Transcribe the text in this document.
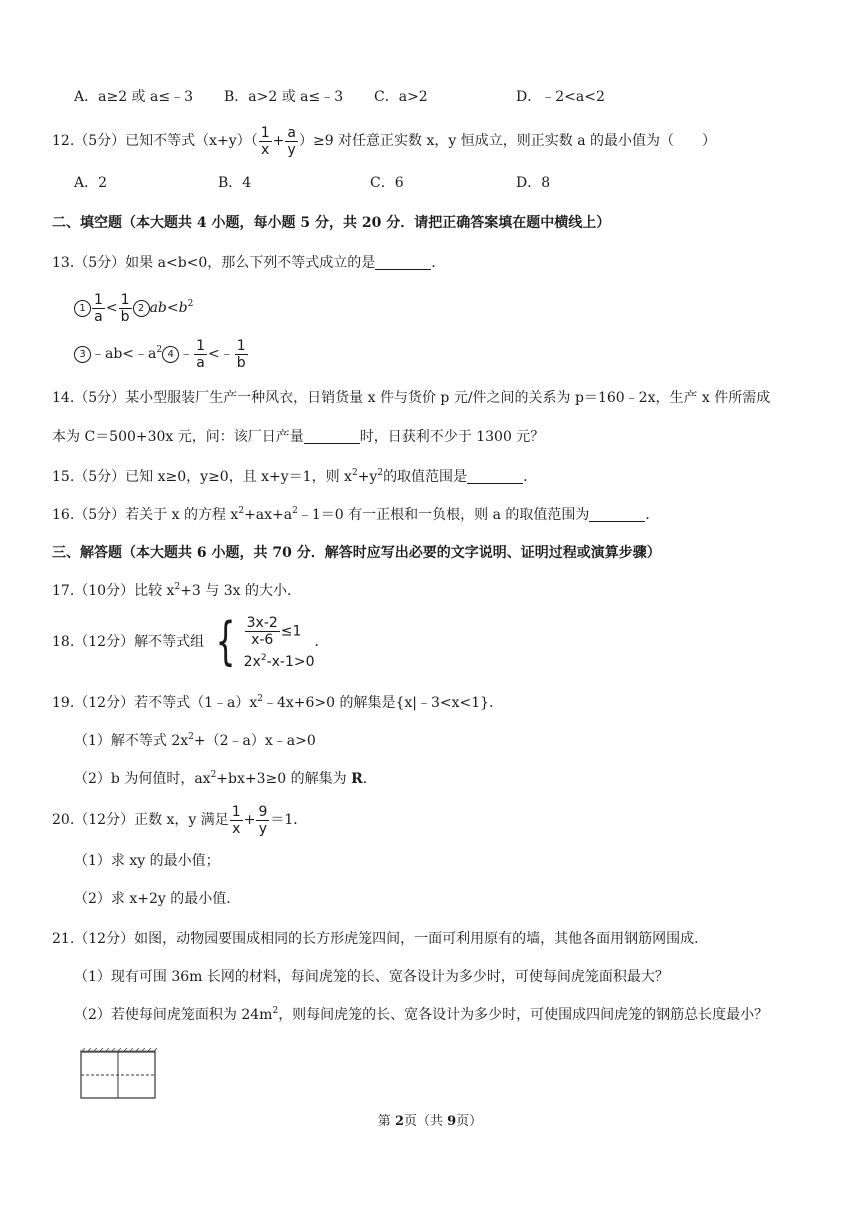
A．a≥2 或 a≤﹣3	B．a>2 或 a≤﹣3	C．a>2	D．﹣2<a<2
12.（5分）已知不等式$(x+y)( \frac{1}{x} + \frac{a}{y} )\ge 9$ 对任意正实数 x，y 恒成立，则正实数 a 的最小值为（　　）
A．2	B．4	C．6	D．8
二、填空题（本大题共 4 小题，每小题 5 分，共 20 分．请把正确答案填在题中横线上）
13.（5分）如果 a<b<0，那么下列不等式成立的是	．
$1 \frac{1}{a} < \frac{1}{b} 2$ $ab<b^2$
3 $﹣ab<﹣a^2$ 4 ﹣ $\frac{1}{a}$ <﹣ $\frac{1}{b}$
14.（5分）某小型服装厂生产一种风衣，日销货量 x 件与货价 p 元/件之间的关系为 p＝160﹣2x，生产 x 件所需成
本为 C＝500+30x 元，问：该厂日产量	时，日获利不少于 1300 元？
15.（5分）已知 x≥0，y≥0，且 x+y＝1，则 $x^2+y^2$的取值范围是	．
16.（5分）若关于 x 的方程 $x^2+ax+a^2﹣1=0$ 有一正根和一负根，则 a 的取值范围为	．
三、解答题（本大题共 6 小题，共 70 分．解答时应写出必要的文字说明、证明过程或演算步骤）
17.（10分）比较 $x^2+3$ 与 3x 的大小．
18.（12分）解不等式组 { $\frac{3x-2}{x-6} \le 1$
$2x^2-x-1>0$
．
19.（12分）若不等式$(1﹣a)x^2﹣4x+6>0$ 的解集是{x|﹣3<x<1}．
（1）解不等式 $2x^2+(2﹣a)x﹣a>0$
（2）b 为何值时，$ax^2+bx+3\ge 0$ 的解集为 R．
20.（12分）正数 x，y 满足 $\frac{1}{x} + \frac{9}{y} =1$．
（1）求 xy 的最小值；
（2）求 x+2y 的最小值．
21.（12分）如图，动物园要围成相同的长方形虎笼四间，一面可利用原有的墙，其他各面用钢筋网围成．
（1）现有可围 36m 长网的材料，每间虎笼的长、宽各设计为多少时，可使每间虎笼面积最大？
（2）若使每间虎笼面积为 $24m^2$，则每间虎笼的长、宽各设计为多少时，可使围成四间虎笼的钢筋总长度最小？
第 2页（共 9页）
